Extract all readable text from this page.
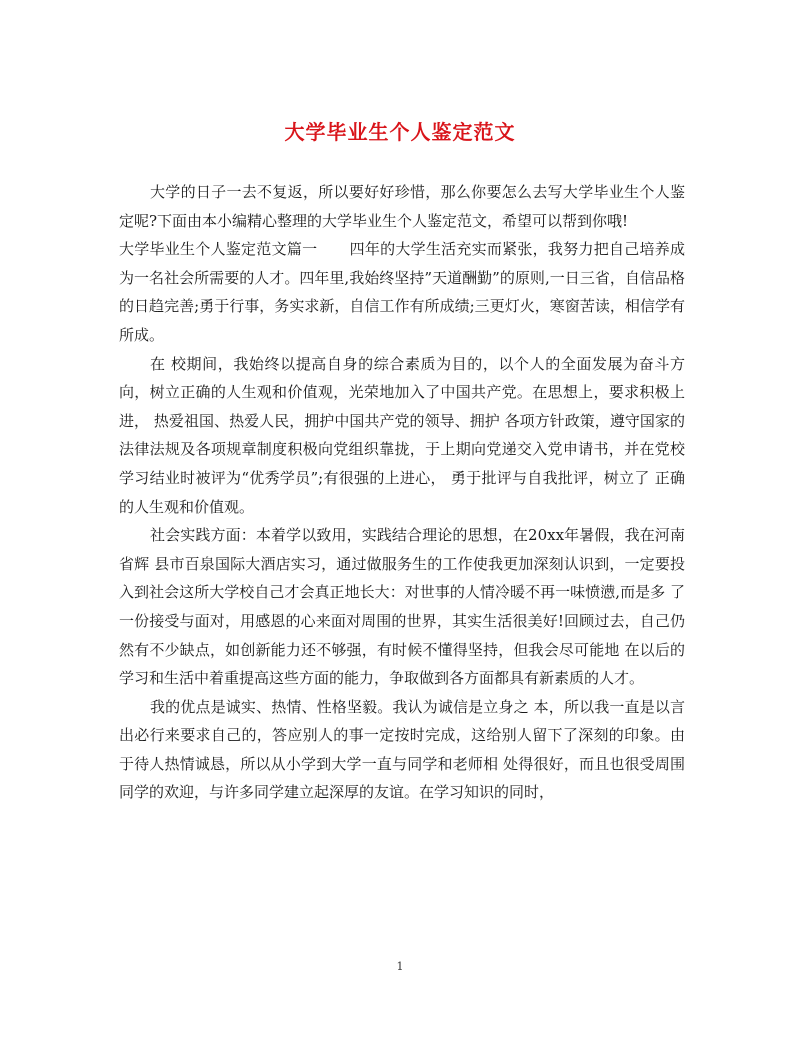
大学毕业生个人鉴定范文

大学的日子一去不复返，所以要好好珍惜，那么你要怎么去写大学毕业生个人鉴定呢?下面由本小编精心整理的大学毕业生个人鉴定范文，希望可以帮到你哦!

大学毕业生个人鉴定范文篇一 四年的大学生活充实而紧张，我努力把自己培养成为一名社会所需要的人才。四年里,我始终坚持”天道酬勤”的原则,一日三省，自信品格的日趋完善;勇于行事，务实求新，自信工作有所成绩;三更灯火，寒窗苦读，相信学有所成。

在 校期间，我始终以提高自身的综合素质为目的，以个人的全面发展为奋斗方向，树立正确的人生观和价值观，光荣地加入了中国共产党。在思想上，要求积极上进， 热爱祖国、热爱人民，拥护中国共产党的领导、拥护 各项方针政策，遵守国家的法律法规及各项规章制度积极向党组织靠拢，于上期向党递交入党申请书，并在党校学习结业时被评为“优秀学员”;有很强的上进心， 勇于批评与自我批评，树立了 正确的人生观和价值观。

社会实践方面：本着学以致用，实践结合理论的思想，在20xx年暑假，我在河南省辉 县市百泉国际大酒店实习，通过做服务生的工作使我更加深刻认识到，一定要投入到社会这所大学校自己才会真正地长大：对世事的人情冷暖不再一味愤懑,而是多 了一份接受与面对，用感恩的心来面对周围的世界，其实生活很美好!回顾过去，自己仍然有不少缺点，如创新能力还不够强，有时候不懂得坚持，但我会尽可能地 在以后的学习和生活中着重提高这些方面的能力，争取做到各方面都具有新素质的人才。

我的优点是诚实、热情、性格坚毅。我认为诚信是立身之 本，所以我一直是以言出必行来要求自己的，答应别人的事一定按时完成，这给别人留下了深刻的印象。由于待人热情诚恳，所以从小学到大学一直与同学和老师相 处得很好，而且也很受周围同学的欢迎，与许多同学建立起深厚的友谊。在学习知识的同时，

1
